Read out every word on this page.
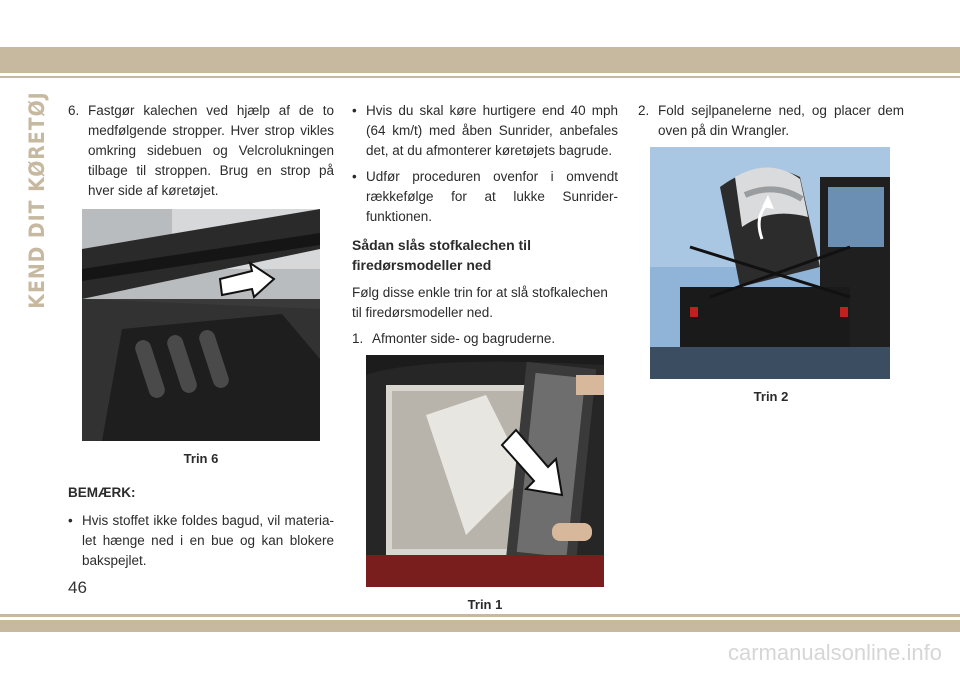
KEND DIT KØRETØJ 6. Fastgør kalechen ved hjælp af de to medfølgende stropper. Hver strop vikles omkring sidebuen og Velcrolukningen tilbage til stroppen. Brug en strop på hver side af køretøjet.
Trin 6
BEMÆRK:
• Hvis stoffet ikke foldes bagud, vil materialet hænge ned i en bue og kan blokere bakspejlet.
• Hvis du skal køre hurtigere end 40 mph (64 km/t) med åben Sunrider, anbefales det, at du afmonterer køretøjets bagrude.
• Udfør proceduren ovenfor i omvendt rækkefølge for at lukke Sunrider-funktionen.
Sådan slås stofkalechen til firedørsmodeller ned
Følg disse enkle trin for at slå stofkalechen til firedørsmodeller ned.
1. Afmonter side- og bagruderne.
Trin 1
2. Fold sejlpanelerne ned, og placer dem oven på din Wrangler.
Trin 2
46
carmanualsonline.info
